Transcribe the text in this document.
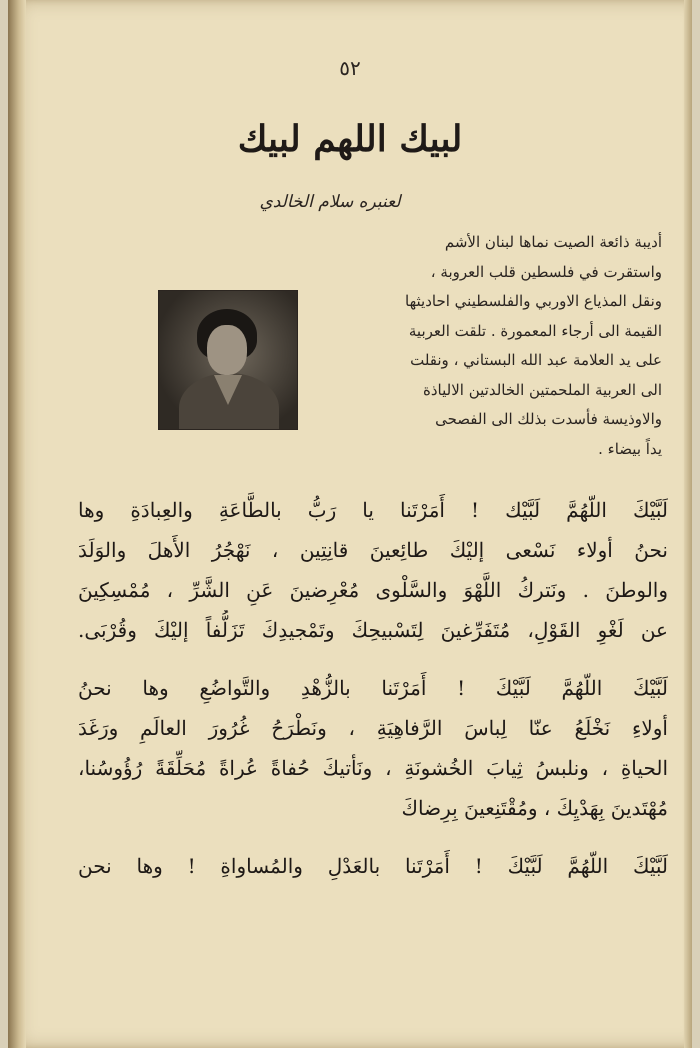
٥٢
لبيك اللهم لبيك
لعنبره سلام الخالدي
أديبة ذائعة الصيت نماها لبنان الأشم
واستقرت في فلسطين قلب العروبة ،
ونقل المذياع الاوربي والفلسطيني احاديثها
القيمة الى أرجاء المعمورة . تلقت العربية
على يد العلامة عبد الله البستاني ، ونقلت
الى العربية الملحمتين الخالدتين الالياذة
والاوذيسة فأسدت بذلك الى الفصحى
يداً بيضاء .
لَبَّيْكَ اللّهُمَّ لَبَّيْك ! أَمَرْتَنا يا رَبُّ بالطَّاعَةِ والعِبادَةِ وها
نحنُ أولاء نَسْعى إليْكَ طائِعينَ قانِتِين ، نَهْجُرُ الأَهلَ والوَلَدَ
والوطنَ . ونَتركُ اللَّهْوَ والسَّلْوى مُعْرِضينَ عَنِ الشَّرِّ ، مُمْسِكِينَ
عن لَغْوِ القَوْلِ، مُتَفَرِّغينَ لِتَسْبيحِكَ وتَمْجيدِكَ تَزَلُّفاً إليْكَ وقُرْبَى.
لَبَّيْكَ اللّهُمَّ لَبَّيْكَ ! أَمَرْتَنا بالزُّهْدِ والتَّواضُعِ وها نحنُ
أولاءِ نَخْلَعُ عنّا لِباسَ الرَّفاهِيَةِ ، ونَطْرَحُ غُرُورَ العالَمِ ورَغَدَ
الحياةِ ، ونلبسُ ثِيابَ الخُشونَةِ ، ونَأتيكَ حُفاةً عُراةً مُحَلِّقَةً رُؤُوسُنا،
مُهْتَدينَ بِهَدْيِكَ ، ومُقْتَنِعينَ بِرِضاكَ
لَبَّيْكَ اللّهُمَّ لَبَّيْكَ ! أَمَرْتَنا بالعَدْلِ والمُساواةِ ! وها نحن
